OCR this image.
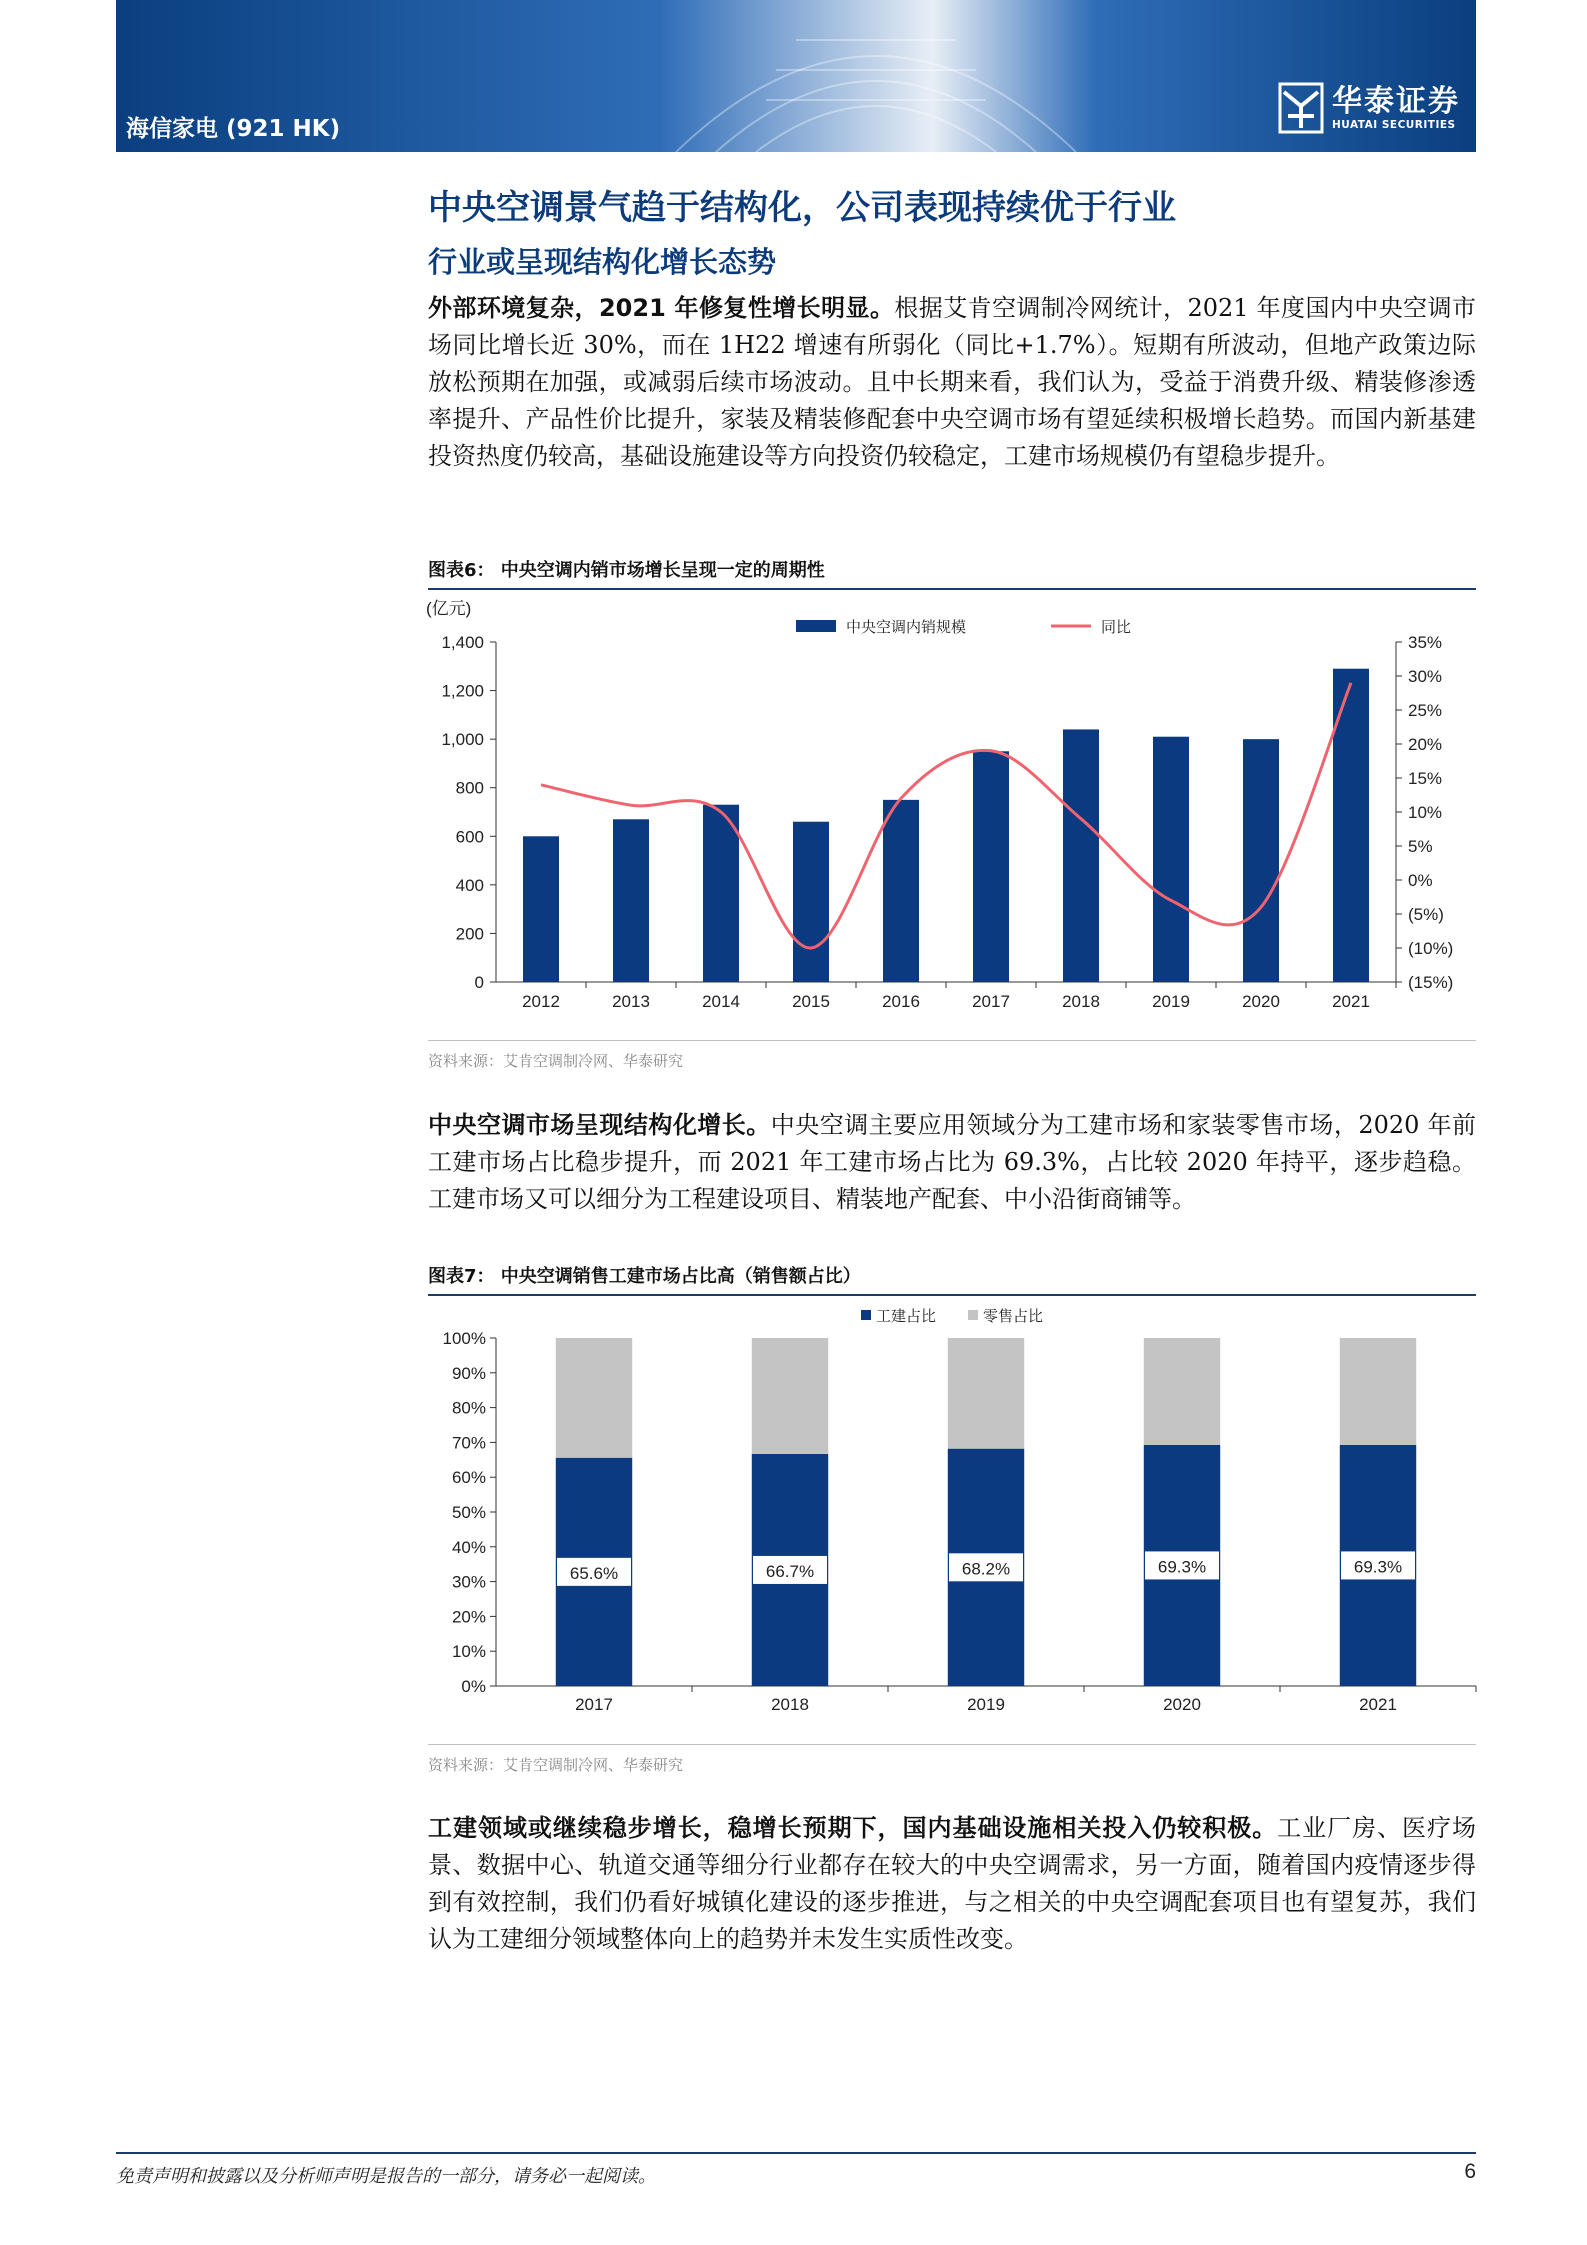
海信家电 (921 HK)
华泰证券
HUATAI SECURITIES
中央空调景气趋于结构化，公司表现持续优于行业
行业或呈现结构化增长态势
外部环境复杂，2021 年修复性增长明显。根据艾肯空调制冷网统计，2021 年度国内中央空调市场同比增长近 30%，而在 1H22 增速有所弱化（同比+1.7%）。短期有所波动，但地产政策边际放松预期在加强，或减弱后续市场波动。且中长期来看，我们认为，受益于消费升级、精装修渗透率提升、产品性价比提升，家装及精装修配套中央空调市场有望延续积极增长趋势。而国内新基建投资热度仍较高，基础设施建设等方向投资仍较稳定，工建市场规模仍有望稳步提升。
图表6： 中央空调内销市场增长呈现一定的周期性
(亿元)
0
200
400
600
800
1,000
1,200
1,400
(15%)
(10%)
(5%)
0%
5%
10%
15%
20%
25%
30%
35%
2012	2013	2014	2015	2016	2017	2018	2019	2020	2021
中央空调内销规模	同比
资料来源：艾肯空调制冷网、华泰研究
中央空调市场呈现结构化增长。中央空调主要应用领域分为工建市场和家装零售市场，2020 年前工建市场占比稳步提升，而 2021 年工建市场占比为 69.3%，占比较 2020 年持平，逐步趋稳。工建市场又可以细分为工程建设项目、精装地产配套、中小沿街商铺等。
图表7： 中央空调销售工建市场占比高（销售额占比）
0%
10%
20%
30%
40%
50%
60%
70%
80%
90%
100%
2017
65.6%
2018
66.7%
2019
68.2%
2020
69.3%
2021
69.3%
工建占比	零售占比
资料来源：艾肯空调制冷网、华泰研究
工建领域或继续稳步增长，稳增长预期下，国内基础设施相关投入仍较积极。工业厂房、医疗场景、数据中心、轨道交通等细分行业都存在较大的中央空调需求，另一方面，随着国内疫情逐步得到有效控制，我们仍看好城镇化建设的逐步推进，与之相关的中央空调配套项目也有望复苏，我们认为工建细分领域整体向上的趋势并未发生实质性改变。
免责声明和披露以及分析师声明是报告的一部分，请务必一起阅读。	6
